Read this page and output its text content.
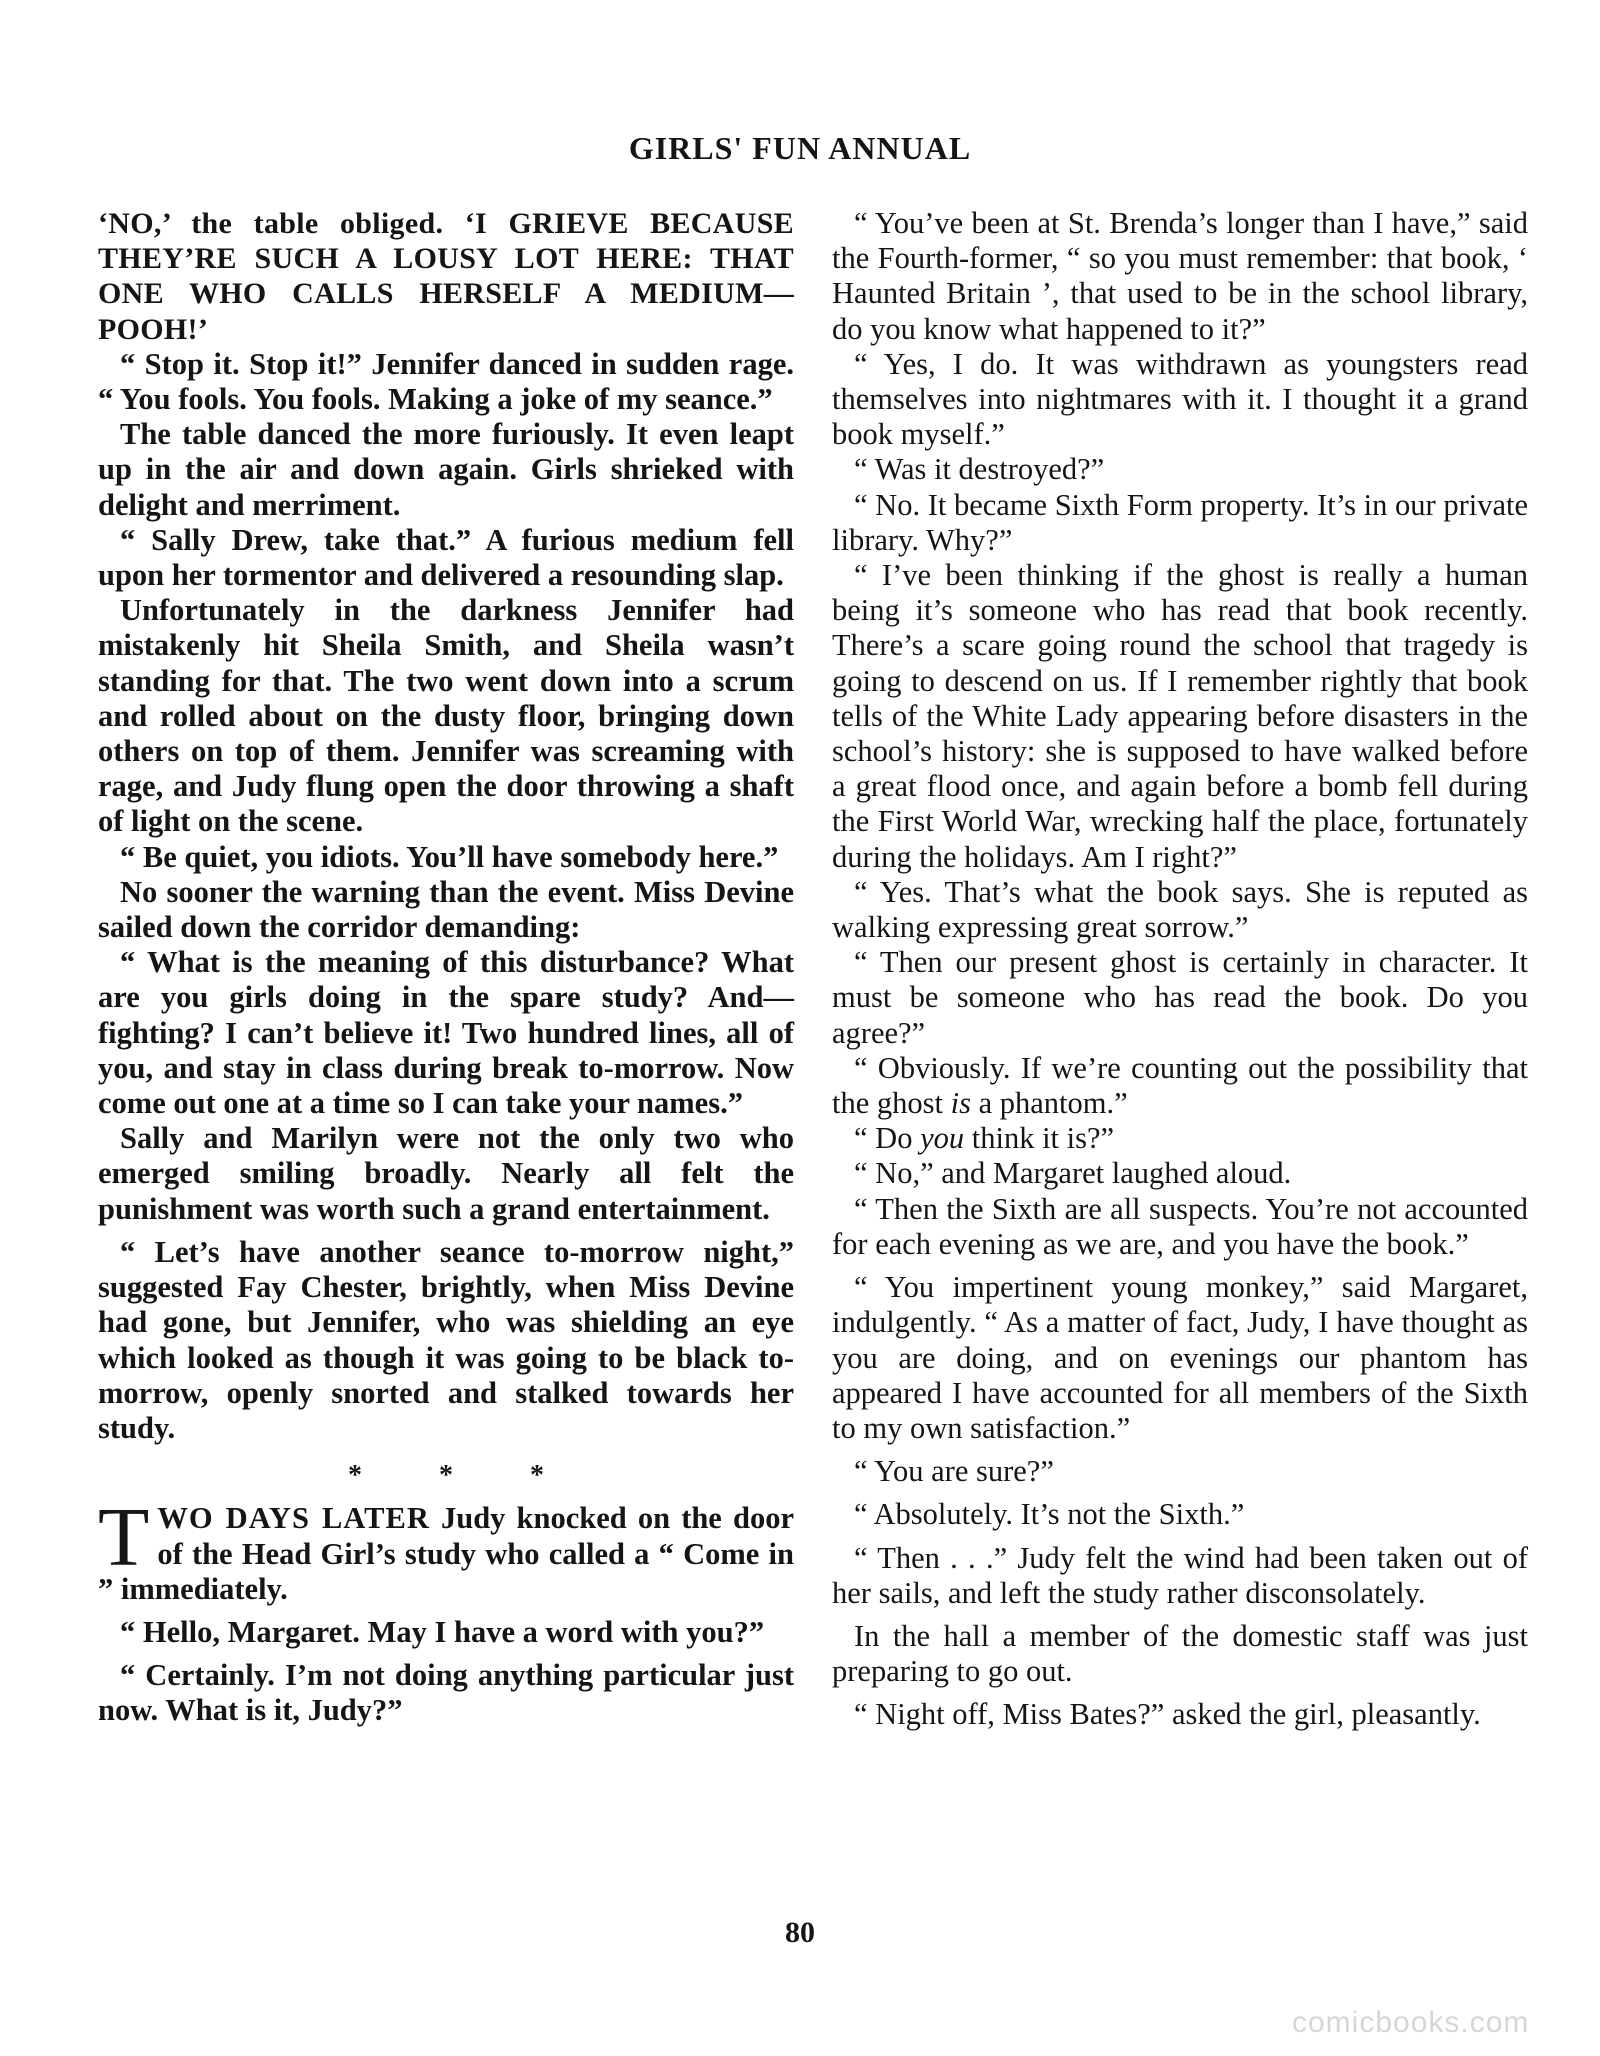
GIRLS' FUN ANNUAL

‘NO,’ the table obliged. ‘I GRIEVE BECAUSE THEY’RE SUCH A LOUSY LOT HERE: THAT ONE WHO CALLS HERSELF A MEDIUM—POOH!’

“ Stop it. Stop it!” Jennifer danced in sudden rage. “ You fools. You fools. Making a joke of my seance.”

The table danced the more furiously. It even leapt up in the air and down again. Girls shrieked with delight and merriment.

“ Sally Drew, take that.” A furious medium fell upon her tormentor and delivered a resounding slap.

Unfortunately in the darkness Jennifer had mistakenly hit Sheila Smith, and Sheila wasn’t standing for that. The two went down into a scrum and rolled about on the dusty floor, bringing down others on top of them. Jennifer was screaming with rage, and Judy flung open the door throwing a shaft of light on the scene.

“ Be quiet, you idiots. You’ll have somebody here.”

No sooner the warning than the event. Miss Devine sailed down the corridor demanding:

“ What is the meaning of this disturbance? What are you girls doing in the spare study? And—fighting? I can’t believe it! Two hundred lines, all of you, and stay in class during break to-morrow. Now come out one at a time so I can take your names.”

Sally and Marilyn were not the only two who emerged smiling broadly. Nearly all felt the punishment was worth such a grand entertainment.

“ Let’s have another seance to-morrow night,” suggested Fay Chester, brightly, when Miss Devine had gone, but Jennifer, who was shielding an eye which looked as though it was going to be black to-morrow, openly snorted and stalked towards her study.

* * *

TWO DAYS LATER Judy knocked on the door of the Head Girl’s study who called a “ Come in ” immediately.

“ Hello, Margaret. May I have a word with you?”

“ Certainly. I’m not doing anything particular just now. What is it, Judy?”

“ You’ve been at St. Brenda’s longer than I have,” said the Fourth-former, “ so you must remember: that book, ‘ Haunted Britain ’, that used to be in the school library, do you know what happened to it?”

“ Yes, I do. It was withdrawn as youngsters read themselves into nightmares with it. I thought it a grand book myself.”

“ Was it destroyed?”

“ No. It became Sixth Form property. It’s in our private library. Why?”

“ I’ve been thinking if the ghost is really a human being it’s someone who has read that book recently. There’s a scare going round the school that tragedy is going to descend on us. If I remember rightly that book tells of the White Lady appearing before disasters in the school’s history: she is supposed to have walked before a great flood once, and again before a bomb fell during the First World War, wrecking half the place, fortunately during the holidays. Am I right?”

“ Yes. That’s what the book says. She is reputed as walking expressing great sorrow.”

“ Then our present ghost is certainly in character. It must be someone who has read the book. Do you agree?”

“ Obviously. If we’re counting out the possibility that the ghost is a phantom.”

“ Do you think it is?”

“ No,” and Margaret laughed aloud.

“ Then the Sixth are all suspects. You’re not accounted for each evening as we are, and you have the book.”

“ You impertinent young monkey,” said Margaret, indulgently. “ As a matter of fact, Judy, I have thought as you are doing, and on evenings our phantom has appeared I have accounted for all members of the Sixth to my own satisfaction.”

“ You are sure?”

“ Absolutely. It’s not the Sixth.”

“ Then . . .” Judy felt the wind had been taken out of her sails, and left the study rather disconsolately.

In the hall a member of the domestic staff was just preparing to go out.

“ Night off, Miss Bates?” asked the girl, pleasantly.

80
comicbooks.com
